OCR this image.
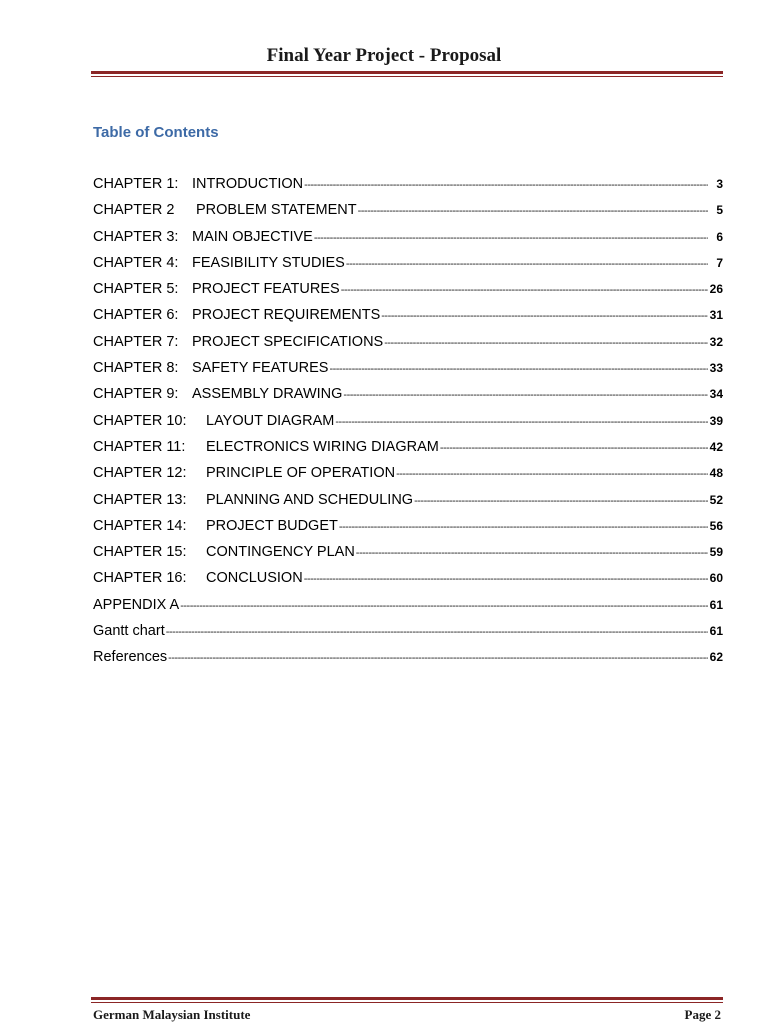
Final Year Project - Proposal
Table of Contents
CHAPTER 1: INTRODUCTION -----	3
CHAPTER 2	PROBLEM STATEMENT -----	5
CHAPTER 3: MAIN OBJECTIVE -----	6
CHAPTER 4: FEASIBILITY STUDIES -----	7
CHAPTER 5: PROJECT FEATURES -----	26
CHAPTER 6: PROJECT REQUIREMENTS -----	31
CHAPTER 7: PROJECT SPECIFICATIONS -----	32
CHAPTER 8: SAFETY FEATURES -----	33
CHAPTER 9: ASSEMBLY DRAWING -----	34
CHAPTER 10:	LAYOUT DIAGRAM -----	39
CHAPTER 11:	ELECTRONICS WIRING DIAGRAM -----	42
CHAPTER 12:	PRINCIPLE OF OPERATION -----	48
CHAPTER 13:	PLANNING AND SCHEDULING -----	52
CHAPTER 14:	PROJECT BUDGET -----	56
CHAPTER 15:	CONTINGENCY PLAN -----	59
CHAPTER 16:	CONCLUSION -----	60
APPENDIX A -----	61
Gantt chart -----	61
References -----	62
German Malaysian Institute	Page 2
